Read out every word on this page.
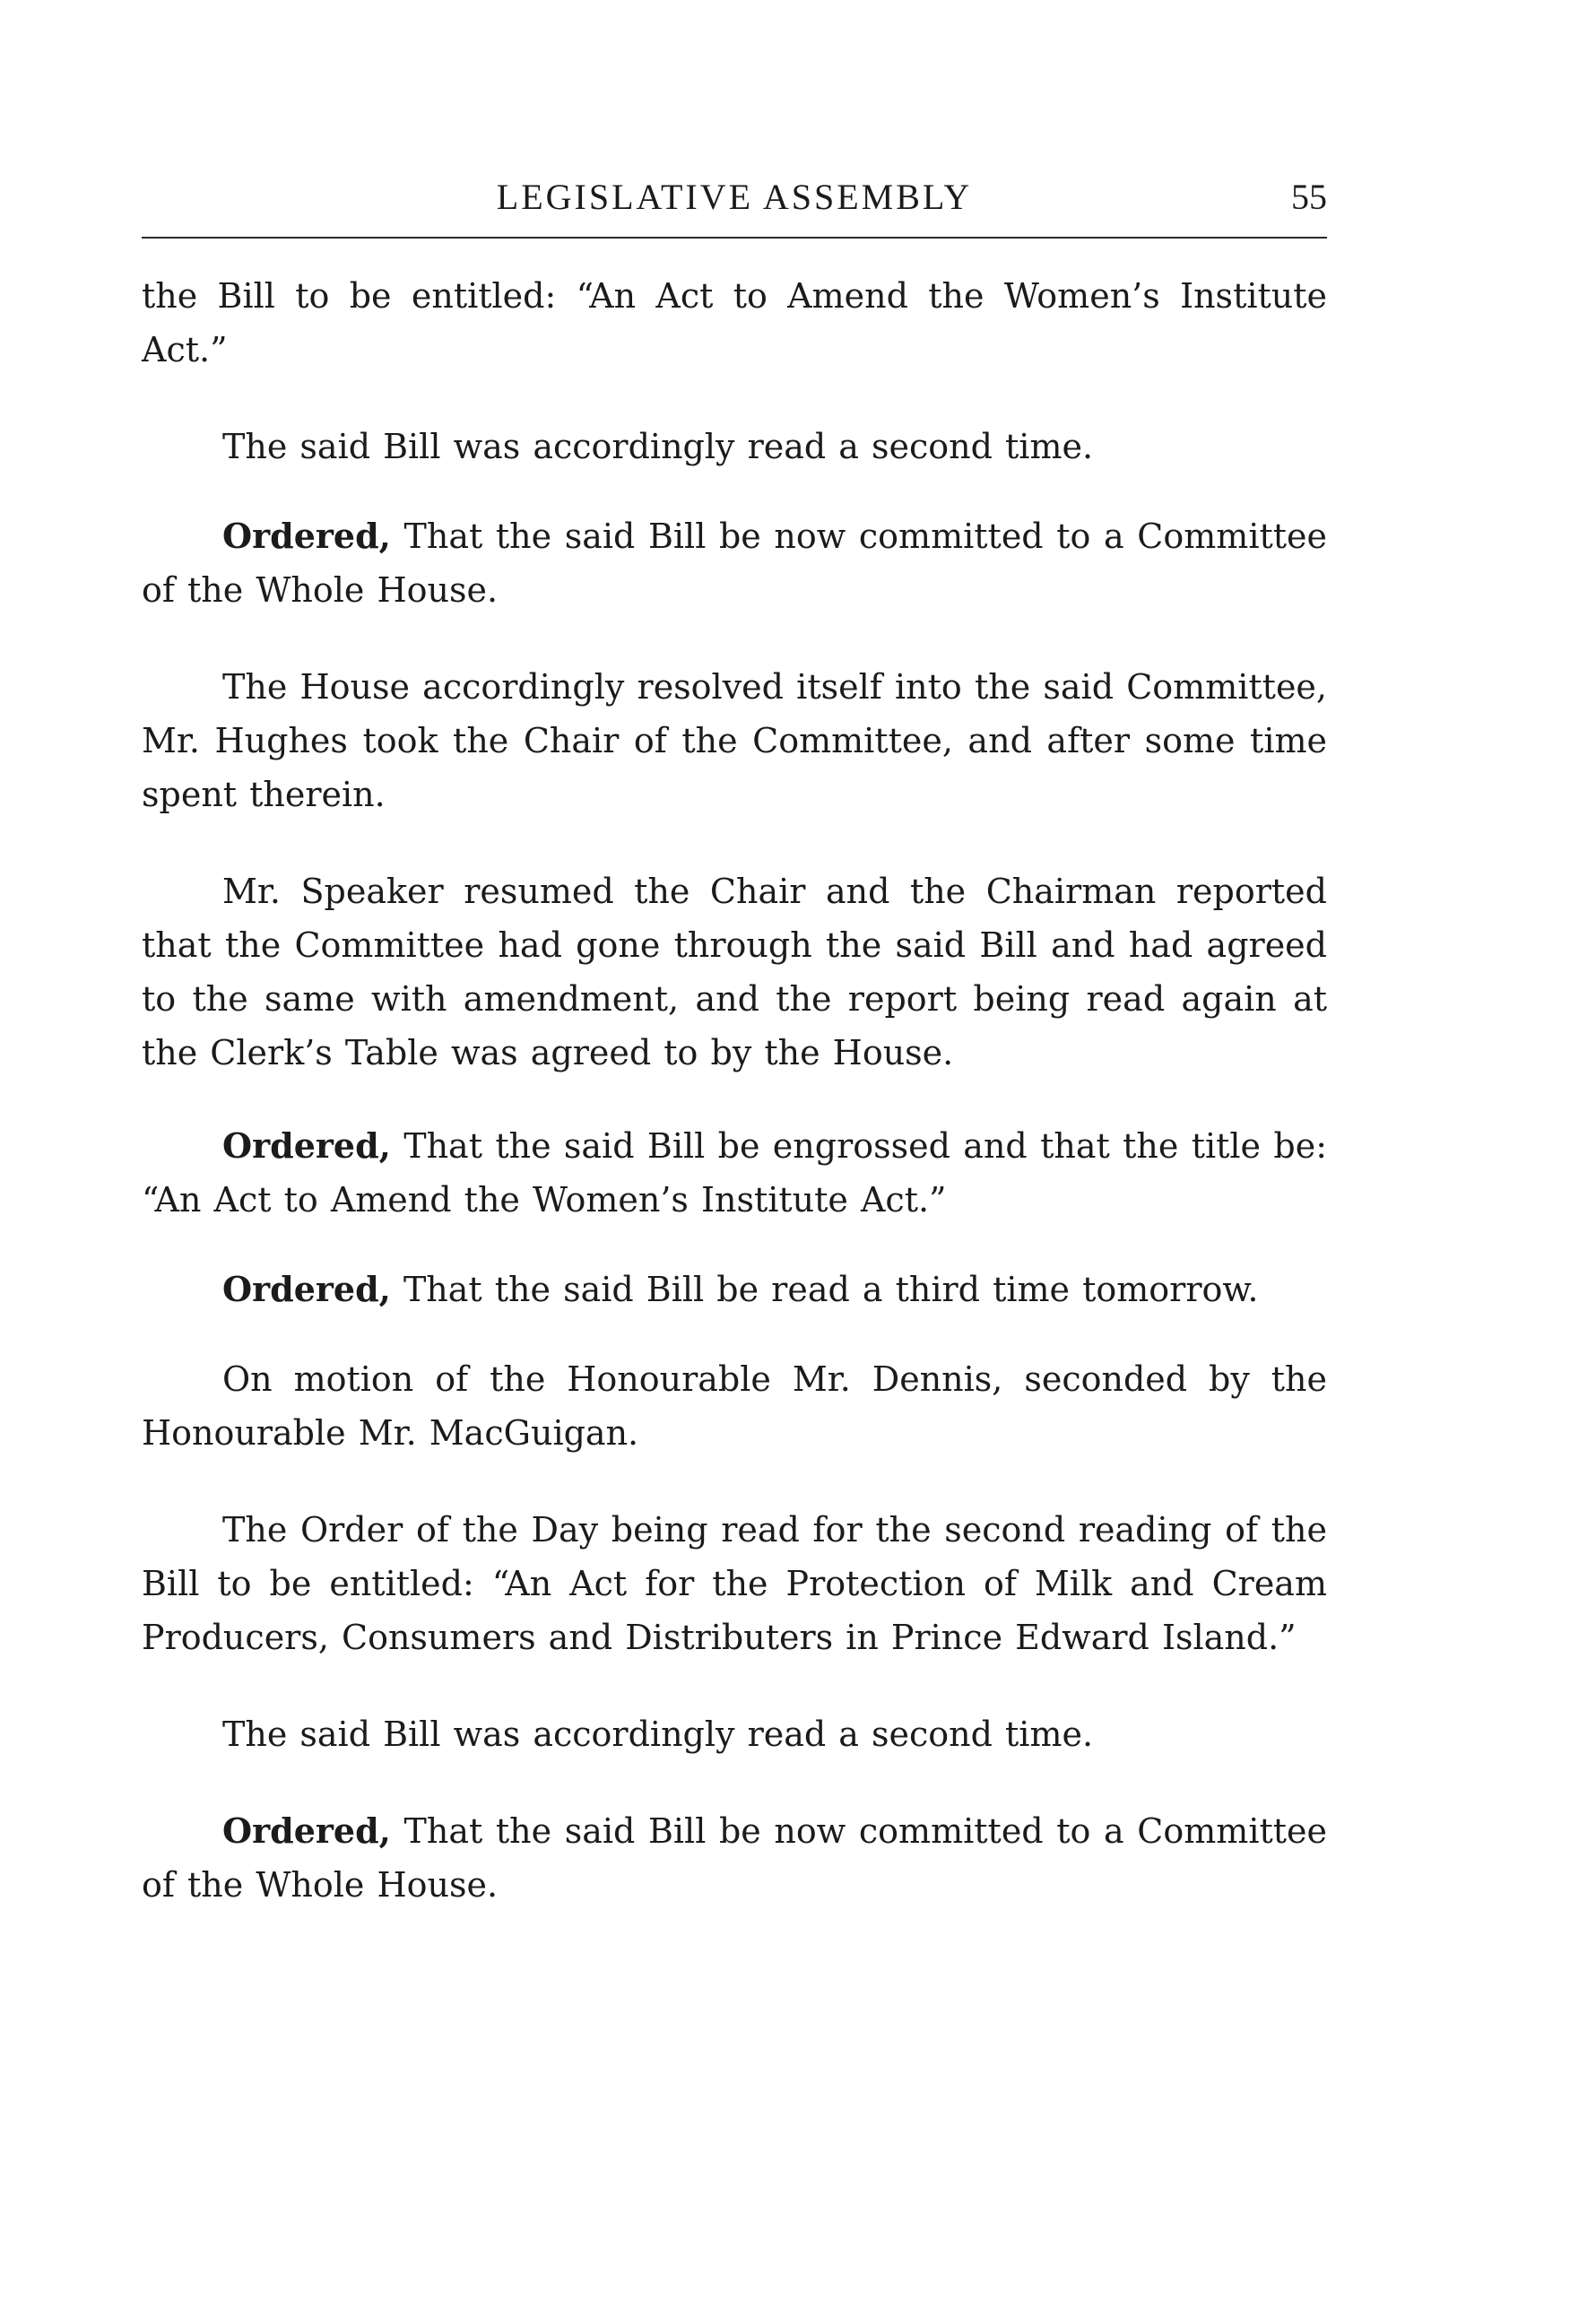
LEGISLATIVE ASSEMBLY	55

the Bill to be entitled: “An Act to Amend the Women’s Institute Act.”

The said Bill was accordingly read a second time.

Ordered, That the said Bill be now committed to a Committee of the Whole House.

The House accordingly resolved itself into the said Committee, Mr. Hughes took the Chair of the Committee, and after some time spent therein.

Mr. Speaker resumed the Chair and the Chairman reported that the Committee had gone through the said Bill and had agreed to the same with amendment, and the report being read again at the Clerk’s Table was agreed to by the House.

Ordered, That the said Bill be engrossed and that the title be: “An Act to Amend the Women’s Institute Act.”

Ordered, That the said Bill be read a third time tomorrow.

On motion of the Honourable Mr. Dennis, seconded by the Honourable Mr. MacGuigan.

The Order of the Day being read for the second reading of the Bill to be entitled: “An Act for the Protection of Milk and Cream Producers, Consumers and Distributers in Prince Edward Island.”

The said Bill was accordingly read a second time.

Ordered, That the said Bill be now committed to a Committee of the Whole House.
